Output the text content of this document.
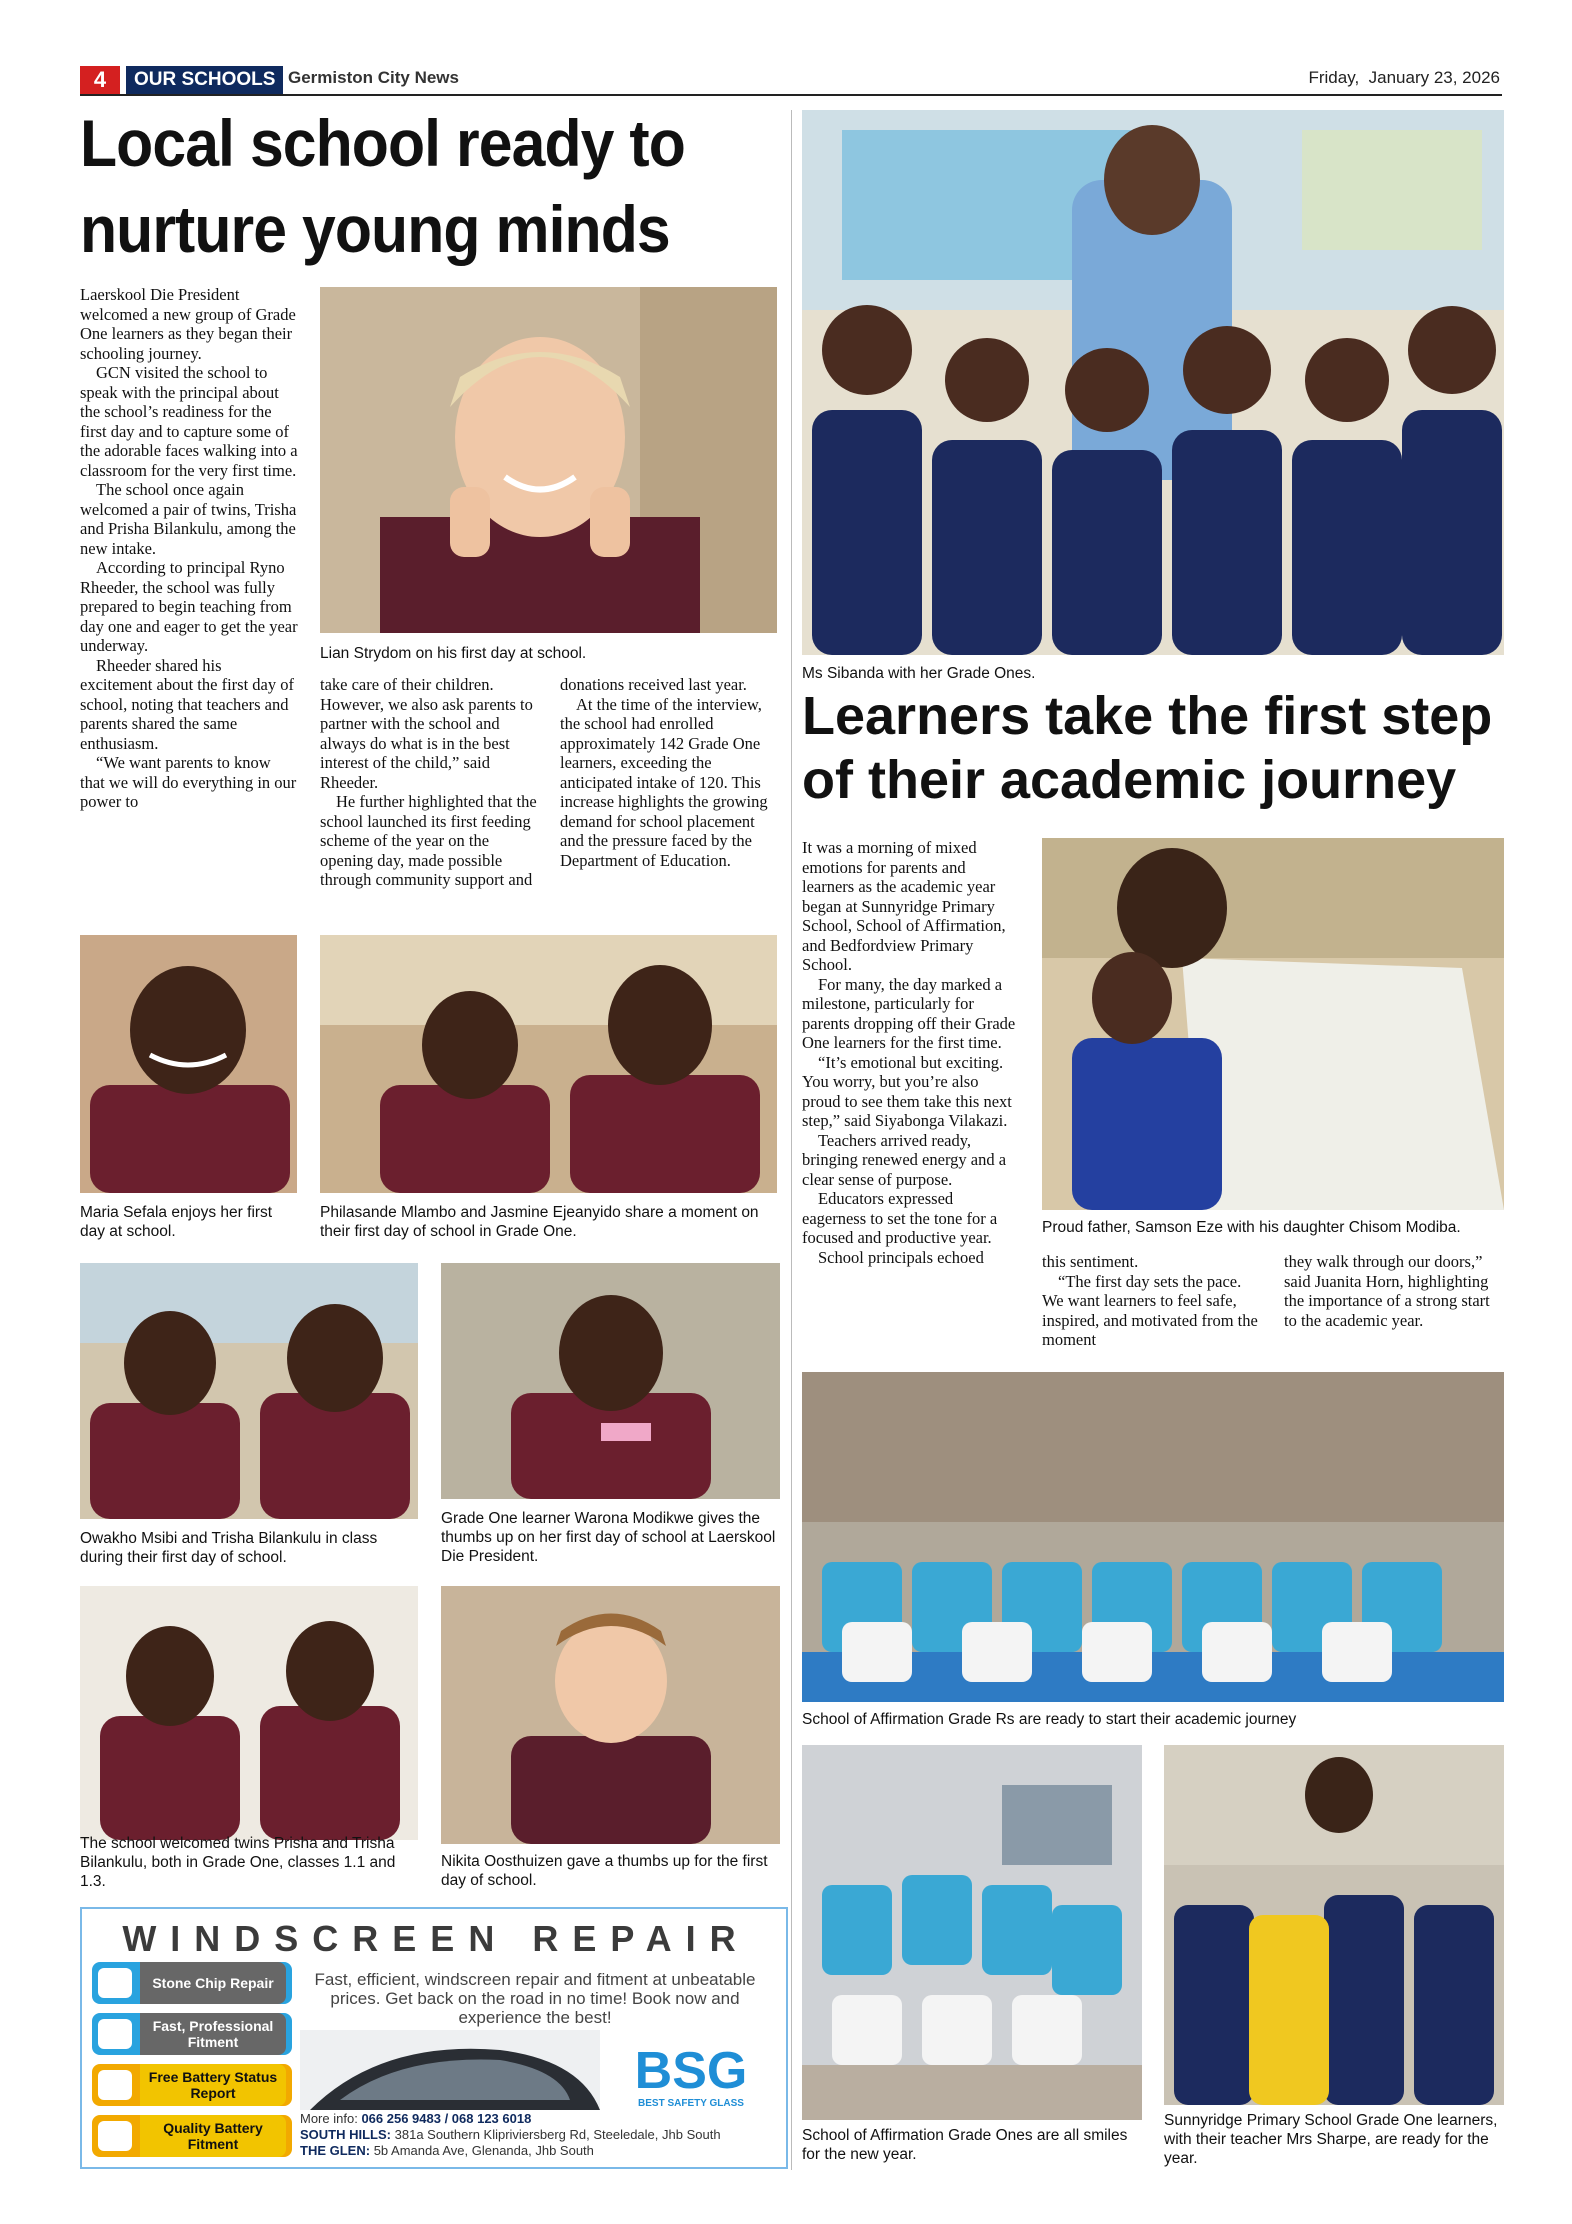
4	OUR SCHOOLS Germiston City News	Friday,  January 23, 2026
Local school ready to
nurture young minds

Laerskool Die President welcomed a new group of Grade One learners as they began their schooling journey.

GCN visited the school to speak with the principal about the school’s readiness for the first day and to capture some of the adorable faces walking into a classroom for the very first time.

The school once again welcomed a pair of twins, Trisha and Prisha Bilankulu, among the new intake.

According to principal Ryno Rheeder, the school was fully prepared to begin teaching from day one and eager to get the year underway.

Rheeder shared his excitement about the first day of school, noting that teachers and parents shared the same enthusiasm.

“We want parents to know that we will do everything in our power to

Lian Strydom on his first day at school.

take care of their children. However, we also ask parents to partner with the school and always do what is in the best interest of the child,” said Rheeder.

He further highlighted that the school launched its first feeding scheme of the year on the opening day, made possible through community support and

donations received last year.

At the time of the interview, the school had enrolled approximately 142 Grade One learners, exceeding the anticipated intake of 120. This increase highlights the growing demand for school placement and the pressure faced by the Department of Education.

Ms Sibanda with her Grade Ones.
Learners take the first step
of their academic journey

It was a morning of mixed emotions for parents and learners as the academic year began at Sunnyridge Primary School, School of Affirmation, and Bedfordview Primary School.

For many, the day marked a milestone, particularly for parents dropping off their Grade One learners for the first time.

“It’s emotional but exciting. You worry, but you’re also proud to see them take this next step,” said Siyabonga Vilakazi.

Teachers arrived ready, bringing renewed energy and a clear sense of purpose.

Educators expressed eagerness to set the tone for a focused and productive year.

School principals echoed

Proud father, Samson Eze with his daughter Chisom Modiba.

this sentiment.

“The first day sets the pace. We want learners to feel safe, inspired, and motivated from the moment

they walk through our doors,” said Juanita Horn, highlighting the importance of a strong start to the academic year.

Maria Sefala enjoys her first day at school.
Philasande Mlambo and Jasmine Ejeanyido share a moment on their first day of school in Grade One.
Owakho Msibi and Trisha Bilankulu in class during their first day of school.
Grade One learner Warona Modikwe gives the thumbs up on her first day of school at Laerskool Die President.
School of Affirmation Grade Rs are ready to start their academic journey
The school welcomed twins Prisha and Trisha Bilankulu, both in Grade One, classes 1.1 and 1.3.
Nikita Oosthuizen gave a thumbs up for the first day of school.
School of Affirmation Grade Ones are all smiles for the new year.
Sunnyridge Primary School Grade One learners, with their teacher Mrs Sharpe, are ready for the year.
WINDSCREEN REPAIR
Stone Chip Repair
Fast, Professional Fitment
Free Battery Status Report
Quality Battery Fitment
Fast, efficient, windscreen repair and fitment at unbeatable prices. Get back on the road in no time! Book now and experience the best!
BSG
BEST SAFETY GLASS
More info: 066 256 9483 / 068 123 6018
SOUTH HILLS: 381a Southern Klipriviersberg Rd, Steeledale, Jhb South
THE GLEN: 5b Amanda Ave, Glenanda, Jhb South
